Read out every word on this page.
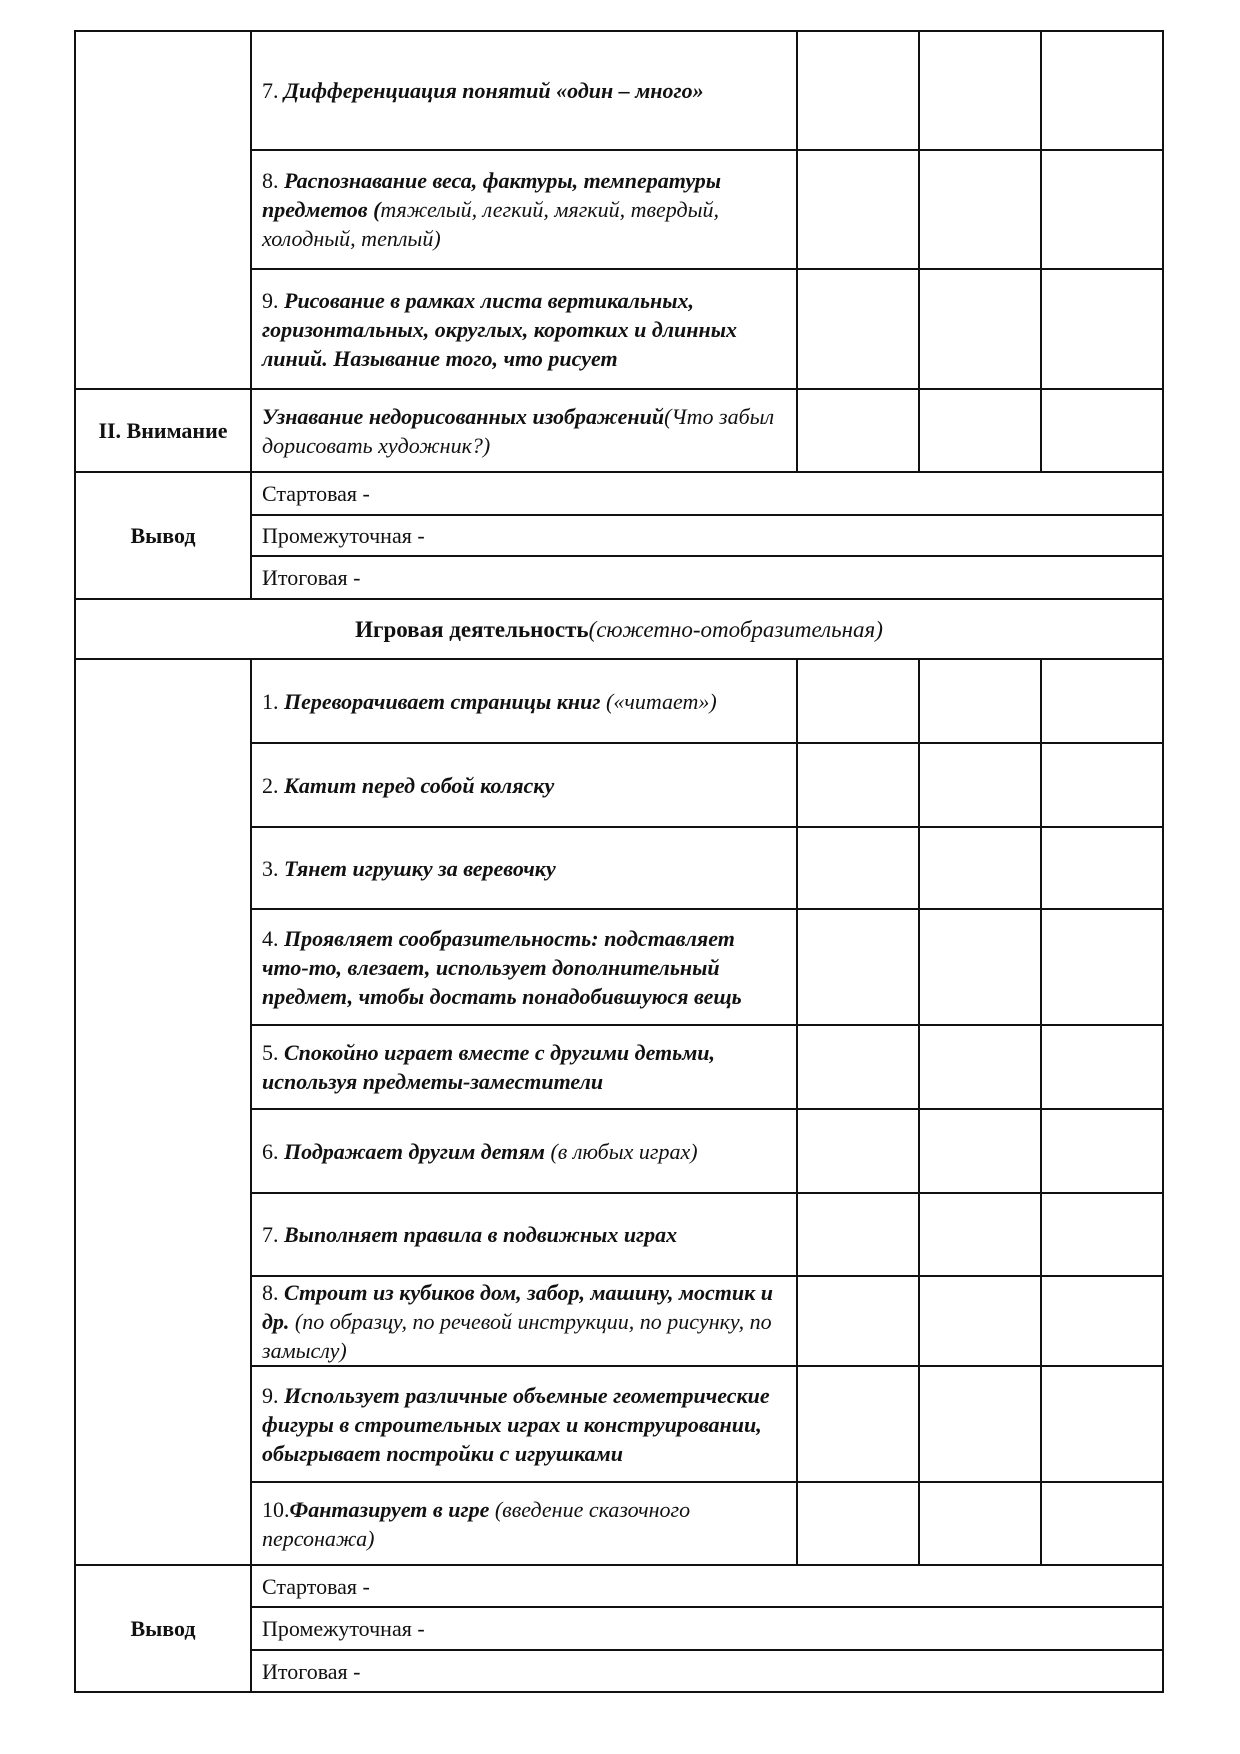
	7. Дифференциация понятий «один – много»			
	8. Распознавание веса, фактуры, температуры предметов (тяжелый, легкий, мягкий, твердый, холодный, теплый)			
	9. Рисование в рамках листа вертикальных, горизонтальных, округлых, коротких и длинных линий. Называние того, что рисует			
II. Внимание	Узнавание недорисованных изображений(Что забыл дорисовать художник?)			
Вывод	Стартовая -			
	Промежуточная -			
	Итоговая -			
Игровая деятельность(сюжетно-отобразительная)				
	1. Переворачивает страницы книг («читает»)			
	2. Катит перед собой коляску			
	3. Тянет игрушку за веревочку			
	4. Проявляет сообразительность: подставляет что-то, влезает, использует дополнительный предмет, чтобы достать понадобившуюся вещь			
	5. Спокойно играет вместе с другими детьми, используя предметы-заместители			
	6. Подражает другим детям (в любых играх)			
	7. Выполняет правила в подвижных играх			
	8. Строит из кубиков дом, забор, машину, мостик и др. (по образцу, по речевой инструкции, по рисунку, по замыслу)			
	9. Использует различные объемные геометрические фигуры в строительных играх и конструировании, обыгрывает постройки с игрушками			
	10.Фантазирует в игре (введение сказочного персонажа)			
Вывод	Стартовая -			
	Промежуточная -			
	Итоговая -			
